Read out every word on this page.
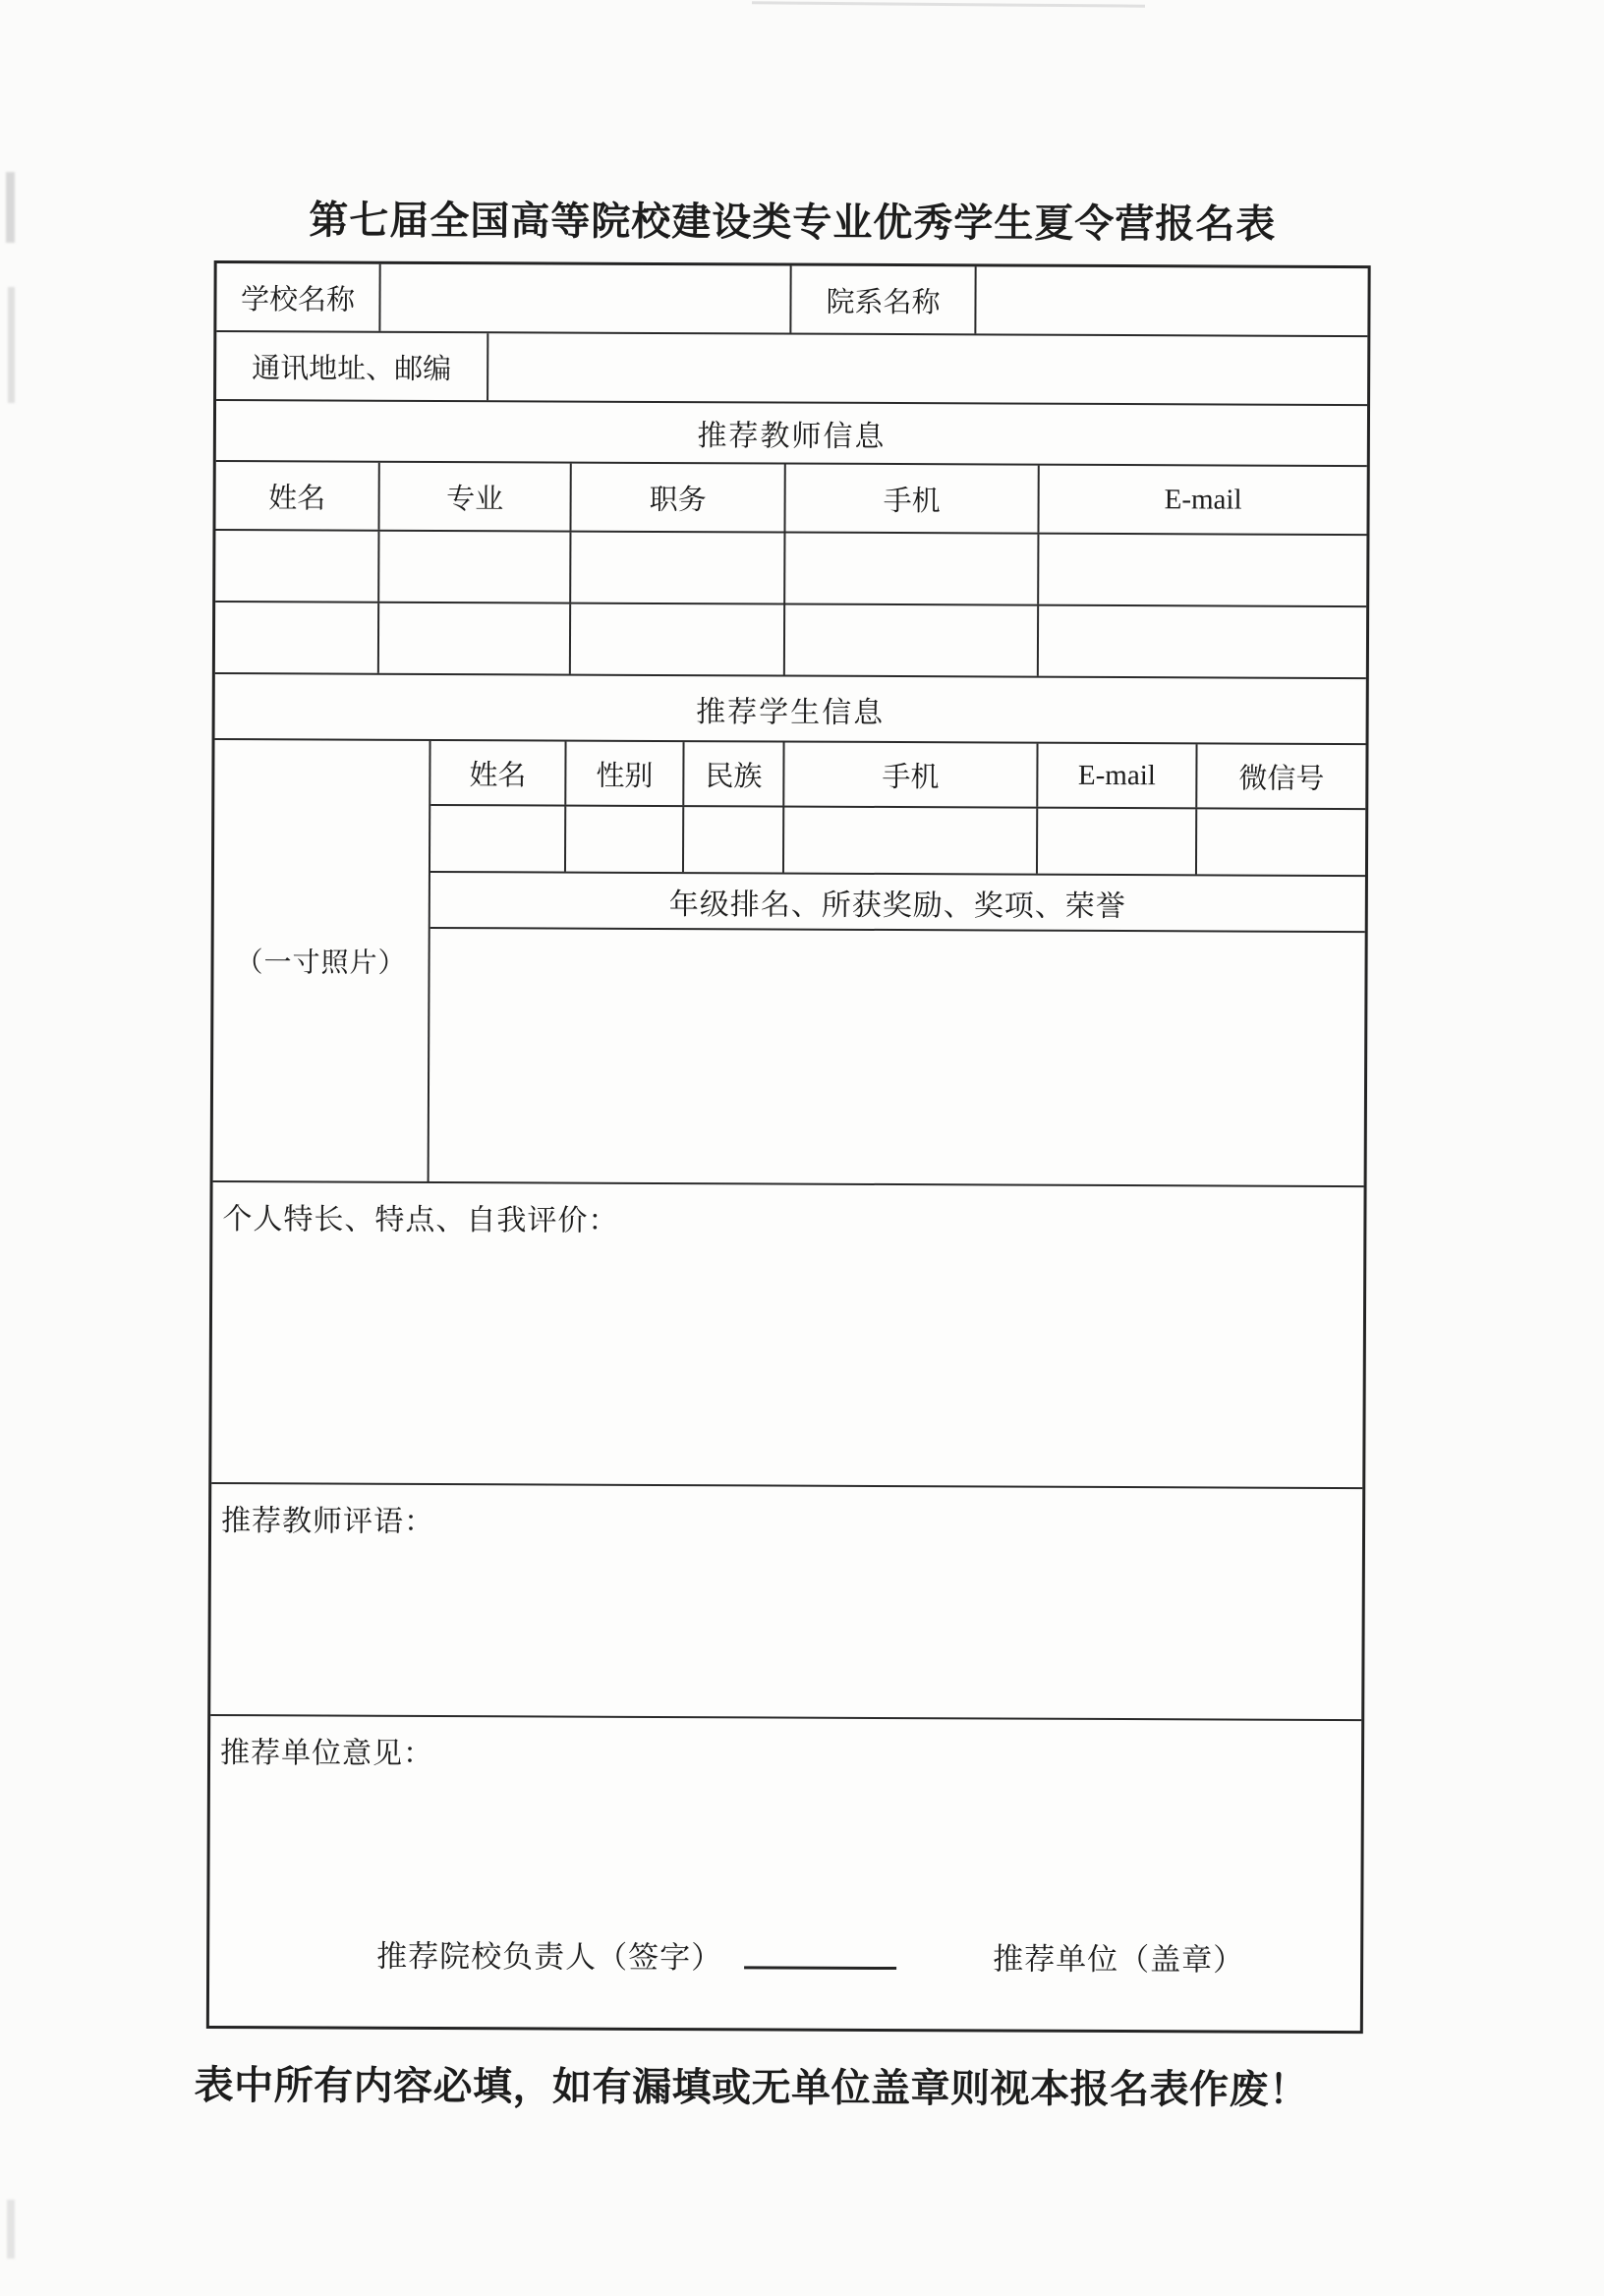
第七届全国高等院校建设类专业优秀学生夏令营报名表
学校名称	院系名称
通讯地址、邮编
推荐教师信息
姓名	专业	职务	手机	E-mail
推荐学生信息
（一寸照片）
姓名	性别	民族	手机	E-mail	微信号
年级排名、所获奖励、奖项、荣誉
个人特长、特点、自我评价：
推荐教师评语：
推荐单位意见：
推荐院校负责人（签字）	推荐单位（盖章）
表中所有内容必填，如有漏填或无单位盖章则视本报名表作废！
